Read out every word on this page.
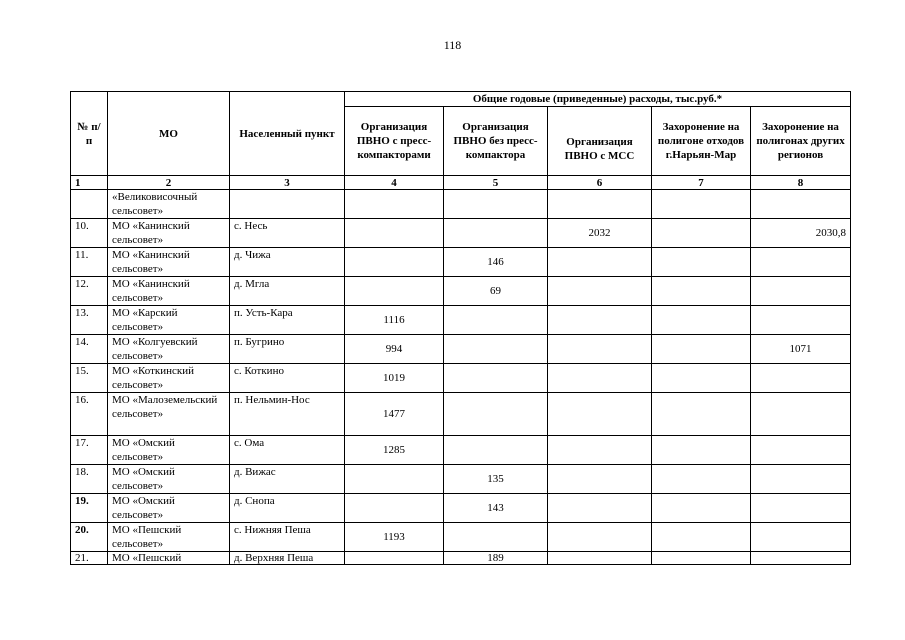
118
№ п/п	МО	Населенный пункт	Общие годовые (приведенные) расходы, тыс.руб.*				
			Организация ПВНО с пресс-компакторами	Организация ПВНО без пресс-компактора	Организация ПВНО с МСС	Захоронение на полигоне отходов г.Нарьян-Мар	Захоронение на полигонах других регионов
1	2	3	4	5	6	7	8
	«Великовисочный сельсовет»						
10.	МО «Канинский сельсовет»	с. Несь			2032		2030,8
11.	МО «Канинский сельсовет»	д. Чижа		146			
12.	МО «Канинский сельсовет»	д. Мгла		69			
13.	МО «Карский сельсовет»	п. Усть-Кара	1116				
14.	МО «Колгуевский сельсовет»	п. Бугрино	994				1071
15.	МО «Коткинский сельсовет»	с. Коткино	1019				
16.	МО «Малоземельский сельсовет»	п. Нельмин-Нос	1477				
17.	МО «Омский сельсовет»	с. Ома	1285				
18.	МО «Омский сельсовет»	д. Вижас		135			
19.	МО «Омский сельсовет»	д. Снопа		143			
20.	МО «Пешский сельсовет»	с. Нижняя Пеша	1193				
21.	МО «Пешский	д. Верхняя Пеша		189			
